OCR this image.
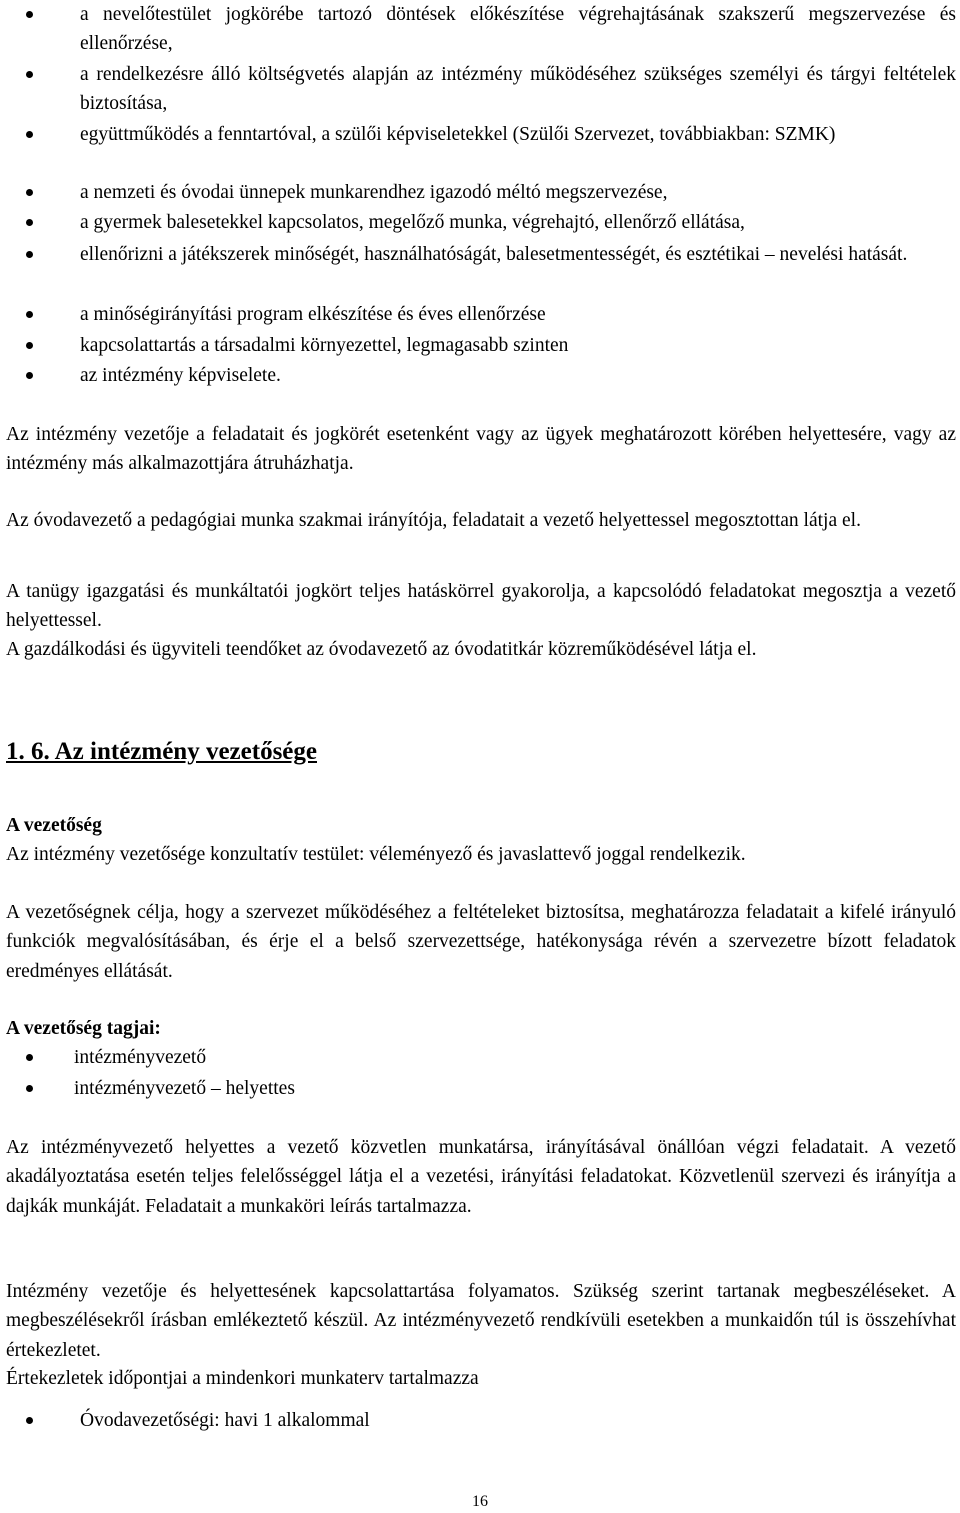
a nevelőtestület jogkörébe tartozó döntések előkészítése végrehajtásának szakszerű megszervezése és ellenőrzése,
a rendelkezésre álló költségvetés alapján az intézmény működéséhez szükséges személyi és tárgyi feltételek biztosítása,
együttműködés a fenntartóval, a szülői képviseletekkel (Szülői Szervezet, továbbiakban: SZMK)
a nemzeti és óvodai ünnepek munkarendhez igazodó méltó megszervezése,
a gyermek balesetekkel kapcsolatos, megelőző munka, végrehajtó, ellenőrző ellátása,
ellenőrizni a játékszerek minőségét, használhatóságát, balesetmentességét, és esztétikai – nevelési hatását.
a minőségirányítási program elkészítése és éves ellenőrzése
kapcsolattartás a társadalmi környezettel, legmagasabb szinten
az intézmény képviselete.

Az intézmény vezetője a feladatait és jogkörét esetenként vagy az ügyek meghatározott körében helyettesére, vagy az intézmény más alkalmazottjára átruházhatja.

Az óvodavezető a pedagógiai munka szakmai irányítója, feladatait a vezető helyettessel megosztottan látja el.

A tanügy igazgatási és munkáltatói jogkört teljes hatáskörrel gyakorolja, a kapcsolódó feladatokat megosztja a vezető helyettessel.

A gazdálkodási és ügyviteli teendőket az óvodavezető az óvodatitkár közreműködésével látja el.

1. 6. Az intézmény vezetősége
A vezetőség

Az intézmény vezetősége konzultatív testület: véleményező és javaslattevő joggal rendelkezik.

A vezetőségnek célja, hogy a szervezet működéséhez a feltételeket biztosítsa, meghatározza feladatait a kifelé irányuló funkciók megvalósításában, és érje el a belső szervezettsége, hatékonysága révén a szervezetre bízott feladatok eredményes ellátását.

A vezetőség tagjai:
intézményvezető
intézményvezető – helyettes

Az intézményvezető helyettes a vezető közvetlen munkatársa, irányításával önállóan végzi feladatait. A vezető akadályoztatása esetén teljes felelősséggel látja el a vezetési, irányítási feladatokat. Közvetlenül szervezi és irányítja a dajkák munkáját. Feladatait a munkaköri leírás tartalmazza.

Intézmény vezetője és helyettesének kapcsolattartása folyamatos. Szükség szerint tartanak megbeszéléseket. A megbeszélésekről írásban emlékeztető készül. Az intézményvezető rendkívüli esetekben a munkaidőn túl is összehívhat értekezletet.

Értekezletek időpontjai a mindenkori munkaterv tartalmazza

Óvodavezetőségi: havi 1 alkalommal
16
